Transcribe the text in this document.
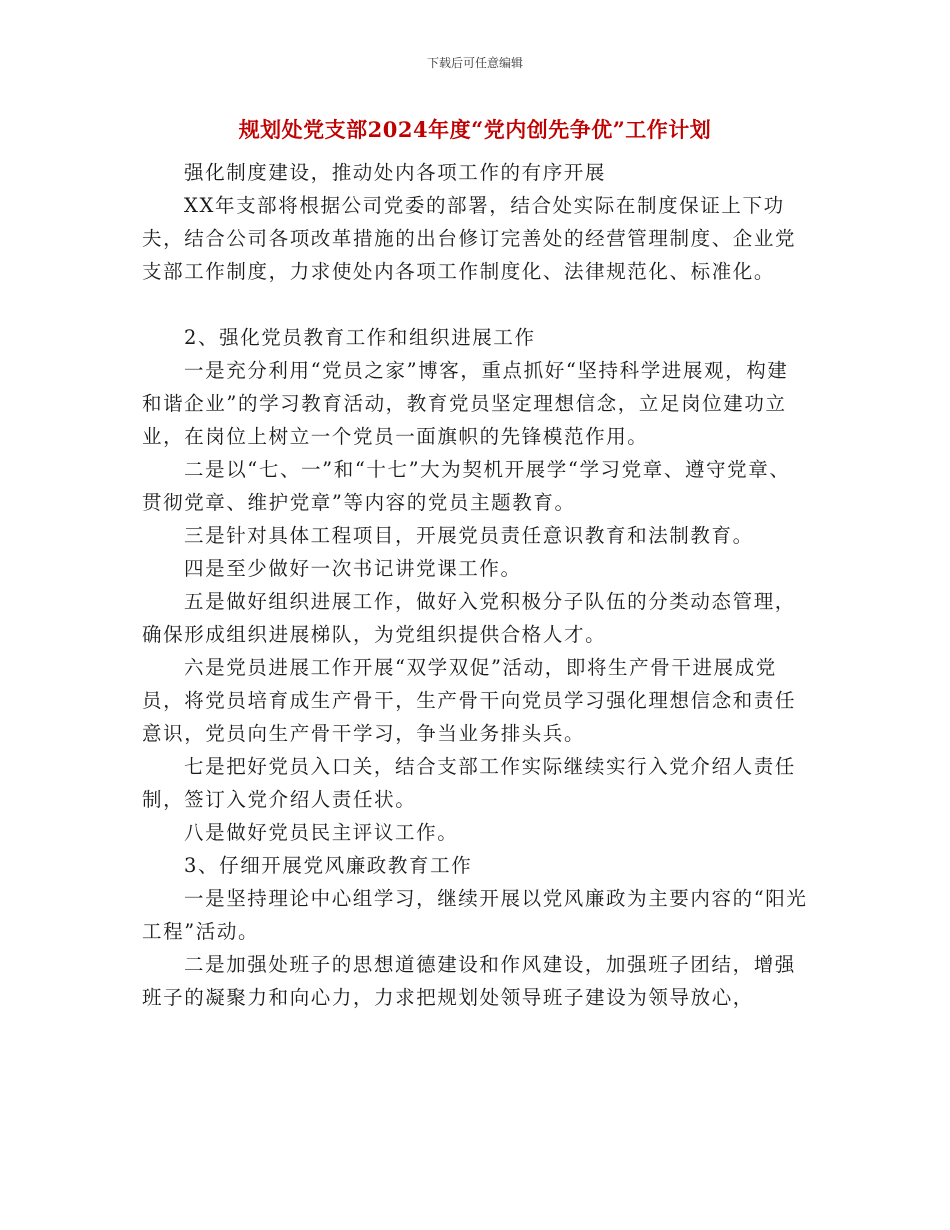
下载后可任意编辑
规划处党支部2024年度“党内创先争优”工作计划

强化制度建设，推动处内各项工作的有序开展

XX年支部将根据公司党委的部署，结合处实际在制度保证上下功夫，结合公司各项改革措施的出台修订完善处的经营管理制度、企业党支部工作制度，力求使处内各项工作制度化、法律规范化、标准化。

2、强化党员教育工作和组织进展工作

一是充分利用“党员之家”博客，重点抓好“坚持科学进展观，构建和谐企业”的学习教育活动，教育党员坚定理想信念，立足岗位建功立业，在岗位上树立一个党员一面旗帜的先锋模范作用。

二是以“七、一”和“十七”大为契机开展学“学习党章、遵守党章、贯彻党章、维护党章”等内容的党员主题教育。

三是针对具体工程项目，开展党员责任意识教育和法制教育。

四是至少做好一次书记讲党课工作。

五是做好组织进展工作，做好入党积极分子队伍的分类动态管理，确保形成组织进展梯队，为党组织提供合格人才。

六是党员进展工作开展“双学双促”活动，即将生产骨干进展成党员，将党员培育成生产骨干，生产骨干向党员学习强化理想信念和责任意识，党员向生产骨干学习，争当业务排头兵。

七是把好党员入口关，结合支部工作实际继续实行入党介绍人责任制，签订入党介绍人责任状。

八是做好党员民主评议工作。

3、仔细开展党风廉政教育工作

一是坚持理论中心组学习，继续开展以党风廉政为主要内容的“阳光工程”活动。

二是加强处班子的思想道德建设和作风建设，加强班子团结，增强班子的凝聚力和向心力，力求把规划处领导班子建设为领导放心，
